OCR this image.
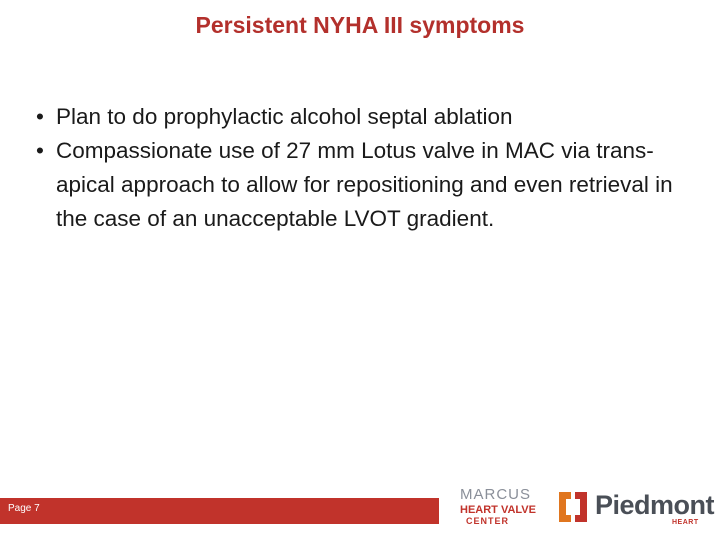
Persistent NYHA III symptoms
• Plan to do prophylactic alcohol septal ablation
• Compassionate use of 27 mm Lotus valve in MAC via trans-apical approach to allow for repositioning and even retrieval in the case of an unacceptable LVOT gradient.
Page 7
MARCUS
HEART VALVE
CENTER
Piedmont
HEART
